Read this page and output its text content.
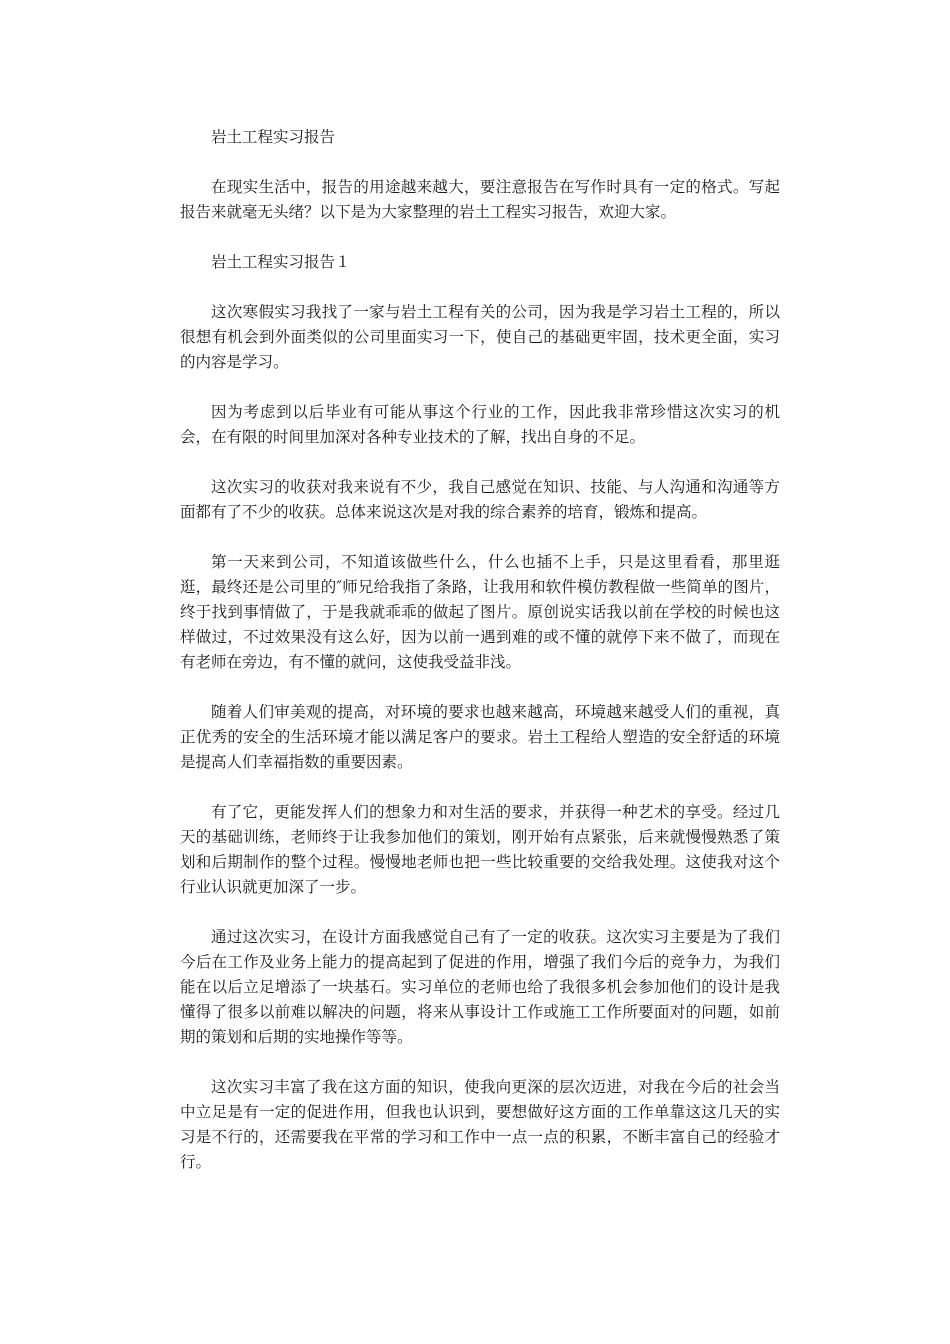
岩土工程实习报告

在现实生活中，报告的用途越来越大，要注意报告在写作时具有一定的格式。写起报告来就毫无头绪？以下是为大家整理的岩土工程实习报告，欢迎大家。

岩土工程实习报告１

这次寒假实习我找了一家与岩土工程有关的公司，因为我是学习岩土工程的，所以很想有机会到外面类似的公司里面实习一下，使自己的基础更牢固，技术更全面，实习的内容是学习。

因为考虑到以后毕业有可能从事这个行业的工作，因此我非常珍惜这次实习的机会，在有限的时间里加深对各种专业技术的了解，找出自身的不足。

这次实习的收获对我来说有不少，我自己感觉在知识、技能、与人沟通和沟通等方面都有了不少的收获。总体来说这次是对我的综合素养的培育，锻炼和提高。

第一天来到公司，不知道该做些什么，什么也插不上手，只是这里看看，那里逛逛，最终还是公司里的″师兄给我指了条路，让我用和软件模仿教程做一些简单的图片，终于找到事情做了，于是我就乖乖的做起了图片。原创说实话我以前在学校的时候也这样做过，不过效果没有这么好，因为以前一遇到难的或不懂的就停下来不做了，而现在有老师在旁边，有不懂的就问，这使我受益非浅。

随着人们审美观的提高，对环境的要求也越来越高，环境越来越受人们的重视，真正优秀的安全的生活环境才能以满足客户的要求。岩土工程给人塑造的安全舒适的环境是提高人们幸福指数的重要因素。

有了它，更能发挥人们的想象力和对生活的要求，并获得一种艺术的享受。经过几天的基础训练，老师终于让我参加他们的策划，刚开始有点紧张，后来就慢慢熟悉了策划和后期制作的整个过程。慢慢地老师也把一些比较重要的交给我处理。这使我对这个行业认识就更加深了一步。

通过这次实习，在设计方面我感觉自己有了一定的收获。这次实习主要是为了我们今后在工作及业务上能力的提高起到了促进的作用，增强了我们今后的竞争力，为我们能在以后立足增添了一块基石。实习单位的老师也给了我很多机会参加他们的设计是我懂得了很多以前难以解决的问题，将来从事设计工作或施工工作所要面对的问题，如前期的策划和后期的实地操作等等。

这次实习丰富了我在这方面的知识，使我向更深的层次迈进，对我在今后的社会当中立足是有一定的促进作用，但我也认识到，要想做好这方面的工作单靠这这几天的实习是不行的，还需要我在平常的学习和工作中一点一点的积累，不断丰富自己的经验才行。
